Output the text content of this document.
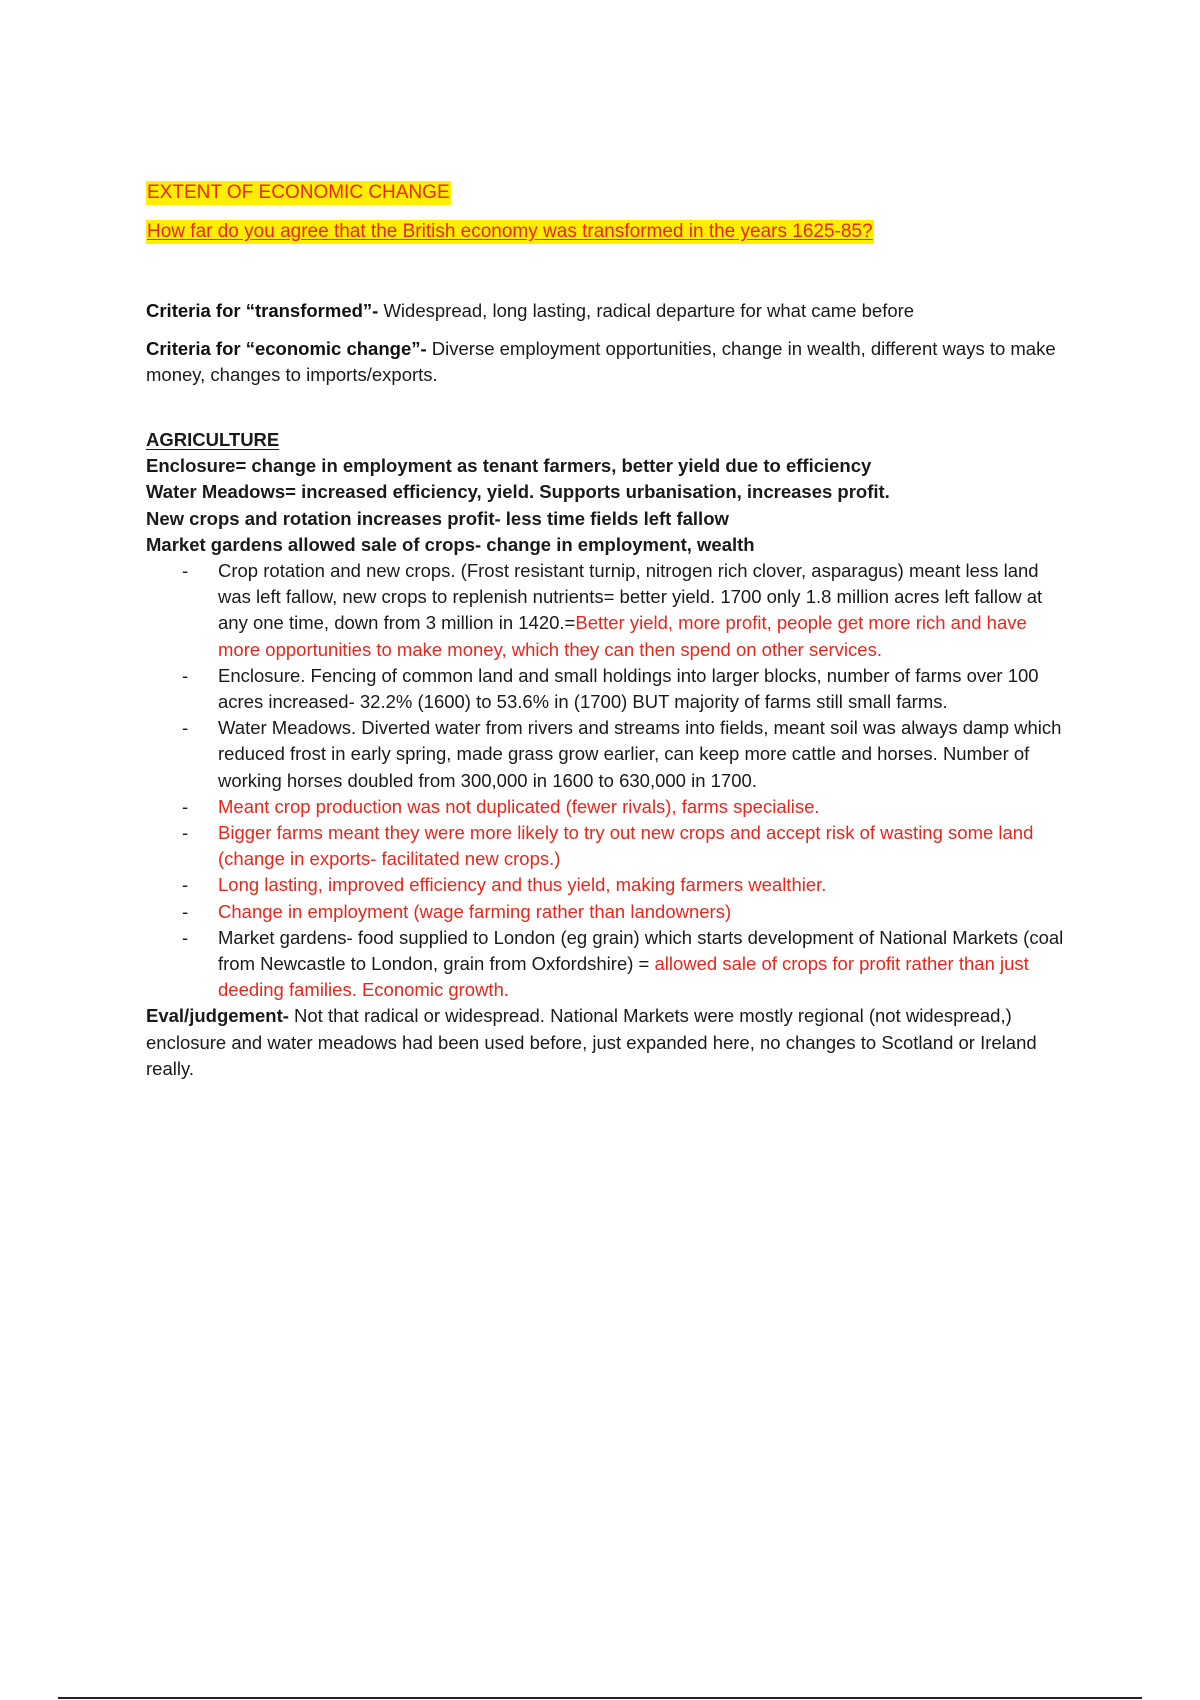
EXTENT OF ECONOMIC CHANGE
How far do you agree that the British economy was transformed in the years 1625-85?
Criteria for “transformed”- Widespread, long lasting, radical departure for what came before
Criteria for “economic change”- Diverse employment opportunities, change in wealth, different ways to make money, changes to imports/exports.
AGRICULTURE
Enclosure= change in employment as tenant farmers, better yield due to efficiency
Water Meadows= increased efficiency, yield. Supports urbanisation, increases profit.
New crops and rotation increases profit- less time fields left fallow
Market gardens allowed sale of crops- change in employment, wealth
- Crop rotation and new crops. (Frost resistant turnip, nitrogen rich clover, asparagus) meant less land was left fallow, new crops to replenish nutrients= better yield. 1700 only 1.8 million acres left fallow at any one time, down from 3 million in 1420.=Better yield, more profit, people get more rich and have more opportunities to make money, which they can then spend on other services.
- Enclosure. Fencing of common land and small holdings into larger blocks, number of farms over 100 acres increased- 32.2% (1600) to 53.6% in (1700) BUT majority of farms still small farms.
- Water Meadows. Diverted water from rivers and streams into fields, meant soil was always damp which reduced frost in early spring, made grass grow earlier, can keep more cattle and horses. Number of working horses doubled from 300,000 in 1600 to 630,000 in 1700.
- Meant crop production was not duplicated (fewer rivals), farms specialise.
- Bigger farms meant they were more likely to try out new crops and accept risk of wasting some land (change in exports- facilitated new crops.)
- Long lasting, improved efficiency and thus yield, making farmers wealthier.
- Change in employment (wage farming rather than landowners)
- Market gardens- food supplied to London (eg grain) which starts development of National Markets (coal from Newcastle to London, grain from Oxfordshire) = allowed sale of crops for profit rather than just deeding families. Economic growth.
Eval/judgement- Not that radical or widespread. National Markets were mostly regional (not widespread,) enclosure and water meadows had been used before, just expanded here, no changes to Scotland or Ireland really.
